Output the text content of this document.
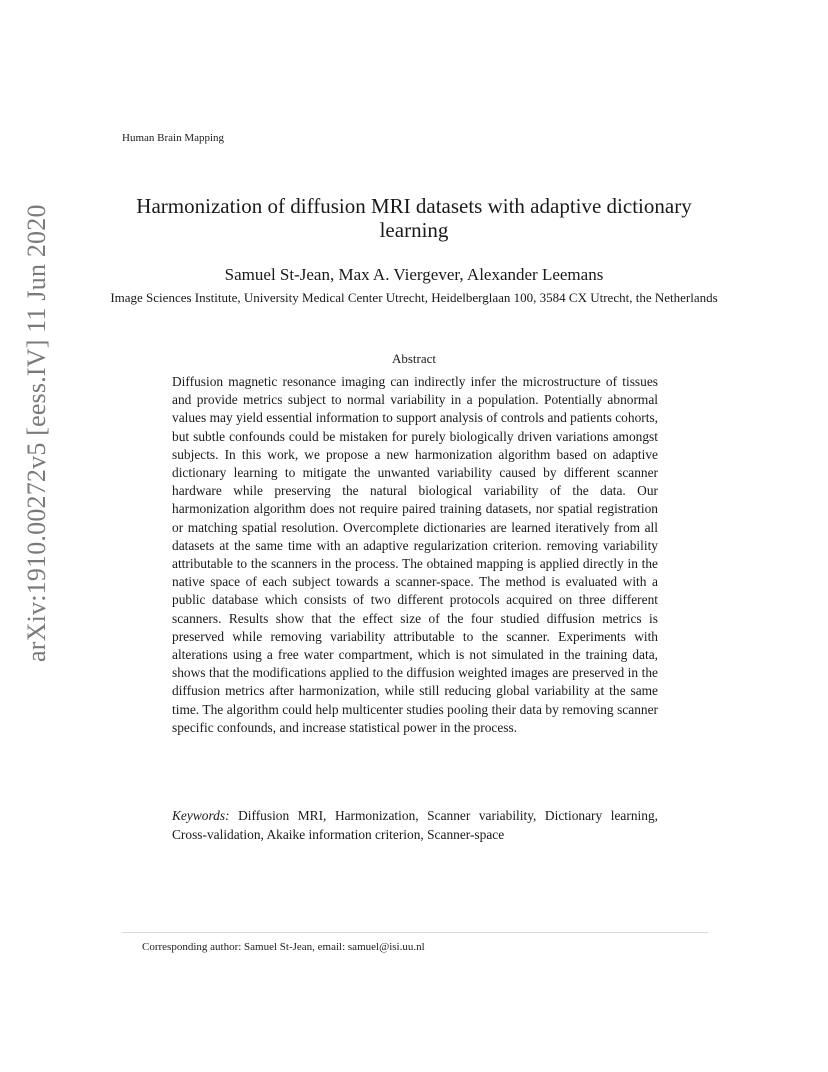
arXiv:1910.00272v5 [eess.IV] 11 Jun 2020
Human Brain Mapping
Harmonization of diffusion MRI datasets with adaptive dictionary learning
Samuel St-Jean, Max A. Viergever, Alexander Leemans
Image Sciences Institute, University Medical Center Utrecht, Heidelberglaan 100, 3584 CX Utrecht, the Netherlands
Abstract

Diffusion magnetic resonance imaging can indirectly infer the microstructure of tissues and provide metrics subject to normal variability in a population. Potentially abnormal values may yield essential information to support analysis of controls and patients cohorts, but subtle confounds could be mistaken for purely biologically driven variations amongst subjects. In this work, we propose a new harmonization algorithm based on adaptive dictionary learning to mitigate the unwanted variability caused by different scanner hardware while preserving the natural biological variability of the data. Our harmonization algorithm does not require paired training datasets, nor spatial registration or matching spatial resolution. Overcomplete dictionaries are learned iteratively from all datasets at the same time with an adaptive regularization criterion. removing variability attributable to the scanners in the process. The obtained mapping is applied directly in the native space of each subject towards a scanner-space. The method is evaluated with a public database which consists of two different protocols acquired on three different scanners. Results show that the effect size of the four studied diffusion metrics is preserved while removing variability attributable to the scanner. Experiments with alterations using a free water compartment, which is not simulated in the training data, shows that the modifications applied to the diffusion weighted images are preserved in the diffusion metrics after harmonization, while still reducing global variability at the same time. The algorithm could help multicenter studies pooling their data by removing scanner specific confounds, and increase statistical power in the process.

Keywords: Diffusion MRI, Harmonization, Scanner variability, Dictionary learning, Cross-validation, Akaike information criterion, Scanner-space

Corresponding author: Samuel St-Jean, email: samuel@isi.uu.nl
